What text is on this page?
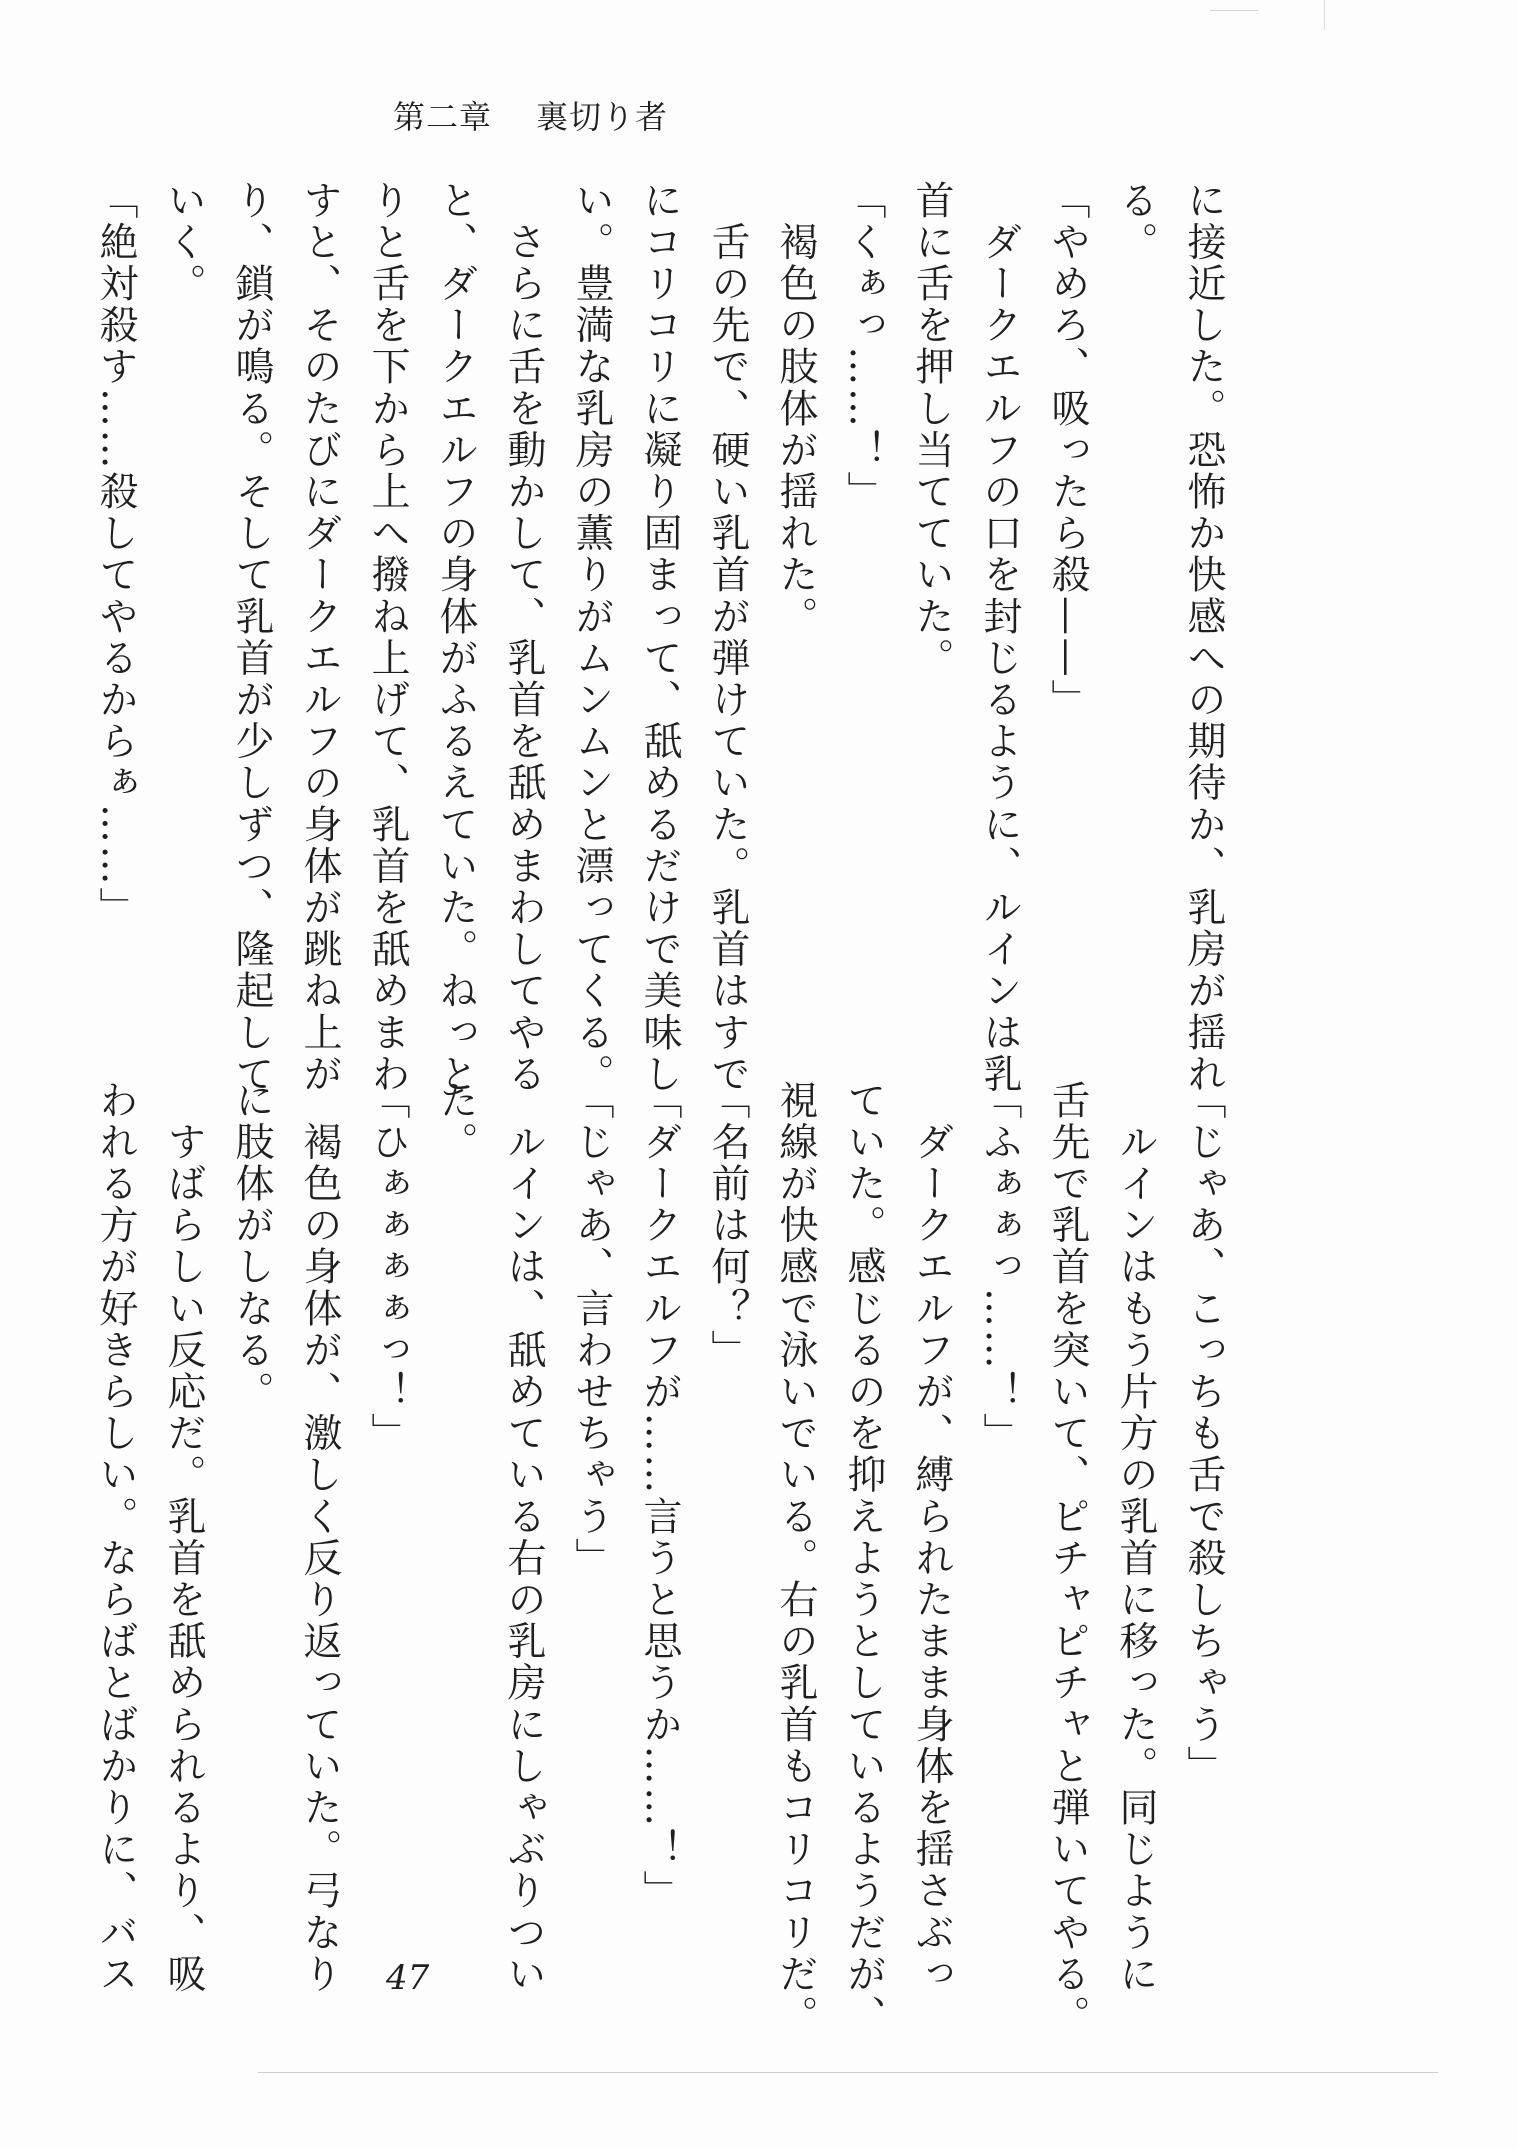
第二章 裏切り者
に接近した。恐怖か快感への期待か、乳房が揺れ
る。
「やめろ、吸ったら殺——」
　ダークエルフの口を封じるように、ルインは乳
首に舌を押し当てていた。
「くぁっ……！」
　褐色の肢体が揺れた。
　舌の先で、硬い乳首が弾けていた。乳首はすで
にコリコリに凝り固まって、舐めるだけで美味し
い。豊満な乳房の薫りがムンムンと漂ってくる。
　さらに舌を動かして、乳首を舐めまわしてやる
と、ダークエルフの身体がふるえていた。ねっと
りと舌を下から上へ撥ね上げて、乳首を舐めまわ
すと、そのたびにダークエルフの身体が跳ね上が
り、鎖が鳴る。そして乳首が少しずつ、隆起して
いく。
「絶対殺す……殺してやるからぁ……」
「じゃあ、こっちも舌で殺しちゃう」
　ルインはもう片方の乳首に移った。同じように
舌先で乳首を突いて、ピチャピチャと弾いてやる。
「ふぁぁっ……！」
　ダークエルフが、縛られたまま身体を揺さぶっ
ていた。感じるのを抑えようとしているようだが、
視線が快感で泳いでいる。右の乳首もコリコリだ。
「名前は何？」
「ダークエルフが……言うと思うか……！」
「じゃあ、言わせちゃう」
　ルインは、舐めている右の乳房にしゃぶりつい
た。
「ひぁぁぁぁっ！」
　褐色の身体が、激しく反り返っていた。弓なり
に肢体がしなる。
　すばらしい反応だ。乳首を舐められるより、吸
われる方が好きらしい。ならばとばかりに、バス	47
